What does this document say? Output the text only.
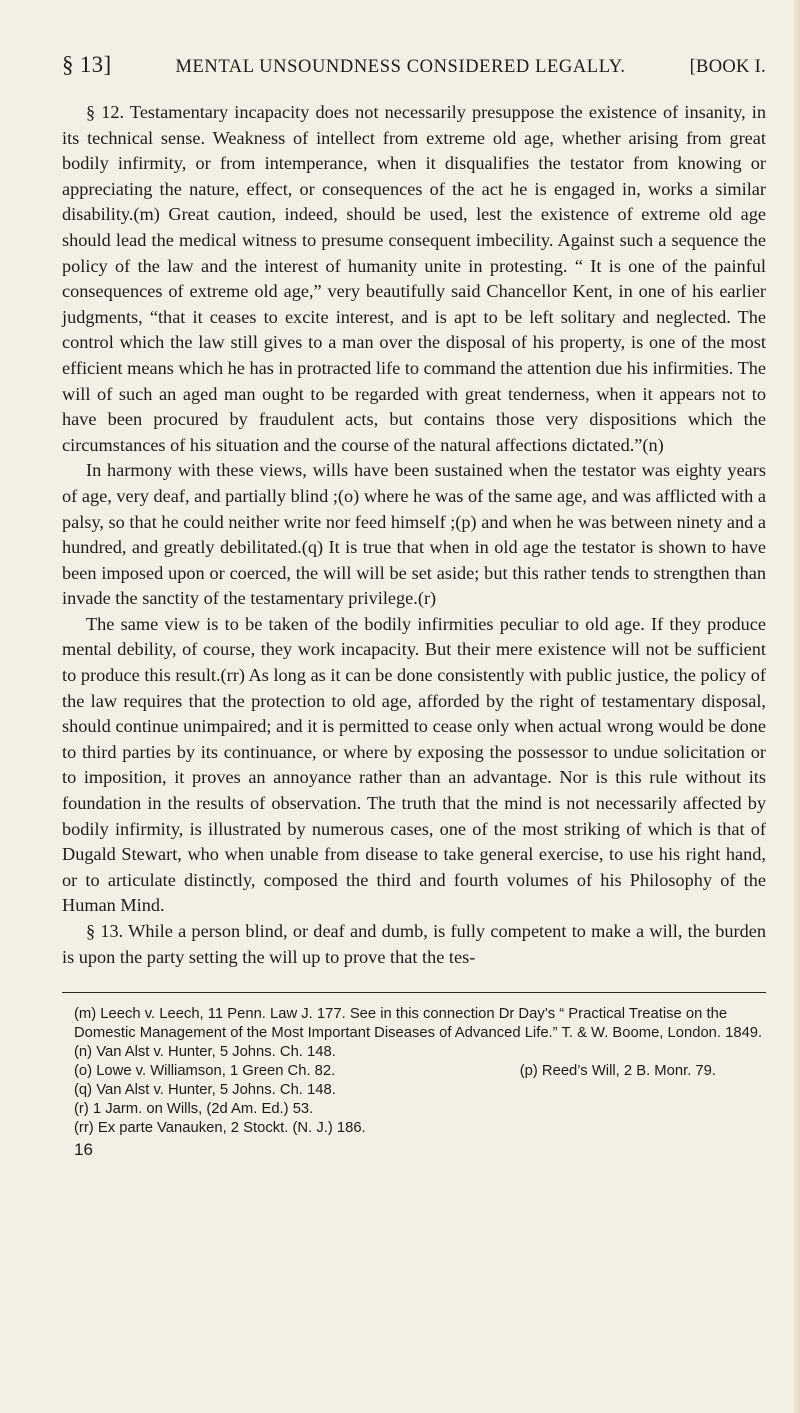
§ 13]	MENTAL UNSOUNDNESS CONSIDERED LEGALLY.	[BOOK I.

§ 12. Testamentary incapacity does not necessarily presuppose the existence of insanity, in its technical sense. Weakness of intellect from extreme old age, whether arising from great bodily infirmity, or from intemperance, when it disqualifies the testator from knowing or appreciating the nature, effect, or consequences of the act he is engaged in, works a similar disability.(m) Great caution, indeed, should be used, lest the existence of extreme old age should lead the medical witness to presume consequent imbecility. Against such a sequence the policy of the law and the interest of humanity unite in protesting. “ It is one of the painful consequences of extreme old age,” very beautifully said Chancellor Kent, in one of his earlier judgments, “that it ceases to excite interest, and is apt to be left solitary and neglected. The control which the law still gives to a man over the disposal of his property, is one of the most efficient means which he has in protracted life to command the attention due his infirmities. The will of such an aged man ought to be regarded with great tenderness, when it appears not to have been procured by fraudulent acts, but contains those very dispositions which the circumstances of his situation and the course of the natural affections dictated.”(n)

In harmony with these views, wills have been sustained when the testator was eighty years of age, very deaf, and partially blind ;(o) where he was of the same age, and was afflicted with a palsy, so that he could neither write nor feed himself ;(p) and when he was between ninety and a hundred, and greatly debilitated.(q) It is true that when in old age the testator is shown to have been imposed upon or coerced, the will will be set aside; but this rather tends to strengthen than invade the sanctity of the testamentary privilege.(r)

The same view is to be taken of the bodily infirmities peculiar to old age. If they produce mental debility, of course, they work incapacity. But their mere existence will not be sufficient to produce this result.(rr) As long as it can be done consistently with public justice, the policy of the law requires that the protection to old age, afforded by the right of testamentary disposal, should continue unimpaired; and it is permitted to cease only when actual wrong would be done to third parties by its continuance, or where by exposing the possessor to undue solicitation or to imposition, it proves an annoyance rather than an advantage. Nor is this rule without its foundation in the results of observation. The truth that the mind is not necessarily affected by bodily infirmity, is illustrated by numerous cases, one of the most striking of which is that of Dugald Stewart, who when unable from disease to take general exercise, to use his right hand, or to articulate distinctly, composed the third and fourth volumes of his Philosophy of the Human Mind.

§ 13. While a person blind, or deaf and dumb, is fully competent to make a will, the burden is upon the party setting the will up to prove that the tes-

(m) Leech v. Leech, 11 Penn. Law J. 177. See in this connection Dr Day’s “ Practical Treatise on the Domestic Management of the Most Important Diseases of Advanced Life.” T. & W. Boome, London. 1849.
(n) Van Alst v. Hunter, 5 Johns. Ch. 148.
(o) Lowe v. Williamson, 1 Green Ch. 82.	(p) Reed’s Will, 2 B. Monr. 79.
(q) Van Alst v. Hunter, 5 Johns. Ch. 148.
(r) 1 Jarm. on Wills, (2d Am. Ed.) 53.
(rr) Ex parte Vanauken, 2 Stockt. (N. J.) 186.
16
